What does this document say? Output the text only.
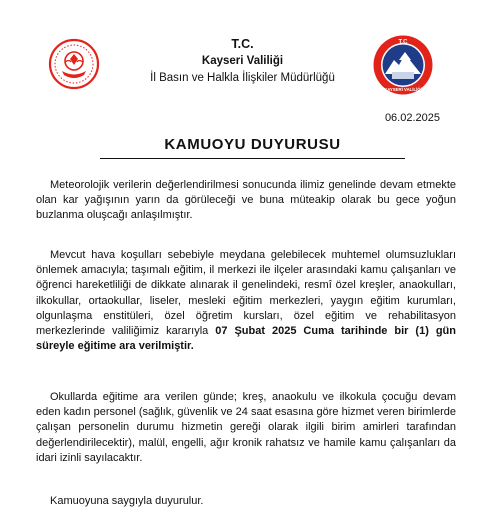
T.C
KAYSERİ VALİLİĞİ
T.C.
Kayseri Valiliği
İl Basın ve Halkla İlişkiler Müdürlüğü
06.02.2025
KAMUOYU DUYURUSU
Meteorolojik verilerin değerlendirilmesi sonucunda ilimiz genelinde devam etmekte olan kar yağışının yarın da görüleceği ve buna müteakip olarak bu gece yoğun buzlanma oluşcağı anlaşılmıştır.
Mevcut hava koşulları sebebiyle meydana gelebilecek muhtemel olumsuzlukları önlemek amacıyla; taşımalı eğitim, il merkezi ile ilçeler arasındaki kamu çalışanları ve öğrenci hareketliliği de dikkate alınarak il genelindeki, resmî özel kreşler, anaokulları, ilkokullar, ortaokullar, liseler, mesleki eğitim merkezleri, yaygın eğitim kurumları, olgunlaşma enstitüleri, özel öğretim kursları, özel eğitim ve rehabilitasyon merkezlerinde valiliğimiz kararıyla 07 Şubat 2025 Cuma tarihinde bir (1) gün süreyle eğitime ara verilmiştir.
Okullarda eğitime ara verilen günde; kreş, anaokulu ve ilkokula çocuğu devam eden kadın personel (sağlık, güvenlik ve 24 saat esasına göre hizmet veren birimlerde çalışan personelin durumu hizmetin gereği olarak ilgili birim amirleri tarafından değerlendirilecektir), malül, engelli, ağır kronik rahatsız ve hamile kamu çalışanları da idari izinli sayılacaktır.
Kamuoyuna saygıyla duyurulur.
